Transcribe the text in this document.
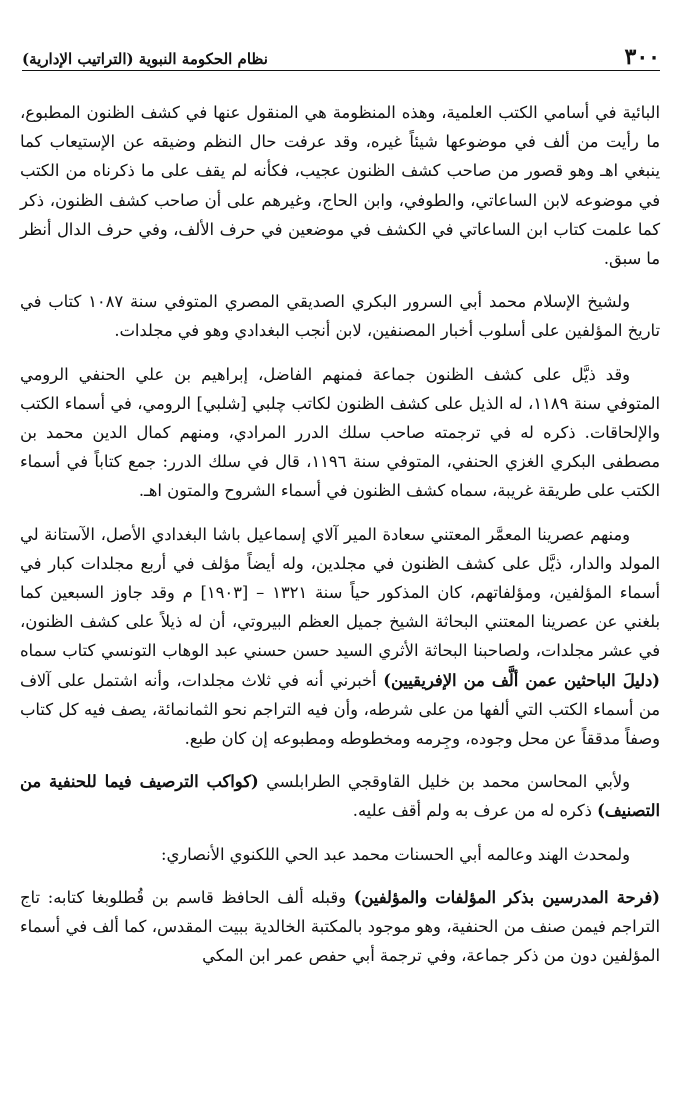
نظام الحكومة النبوية (التراتيب الإدارية)	٣٠٠

البائية في أسامي الكتب العلمية، وهذه المنظومة هي المنقول عنها في كشف الظنون المطبوع، ما رأيت من ألف في موضوعها شيئاً غيره، وقد عرفت حال النظم وضيقه عن الإستيعاب كما ينبغي اهـ وهو قصور من صاحب كشف الظنون عجيب، فكأنه لم يقف على ما ذكرناه من الكتب في موضوعه لابن الساعاتي، والطوفي، وابن الحاج، وغيرهم على أن صاحب كشف الظنون، ذكر كما علمت كتاب ابن الساعاتي في الكشف في موضعين في حرف الألف، وفي حرف الدال أنظر ما سبق.

ولشيخ الإسلام محمد أبي السرور البكري الصديقي المصري المتوفي سنة ١٠٨٧ كتاب في تاريخ المؤلفين على أسلوب أخبار المصنفين، لابن أنجب البغدادي وهو في مجلدات.

وقد ذيَّل على كشف الظنون جماعة فمنهم الفاضل، إبراهيم بن علي الحنفي الرومي المتوفي سنة ١١٨٩، له الذيل على كشف الظنون لكاتب چلبي [شلبي] الرومي، في أسماء الكتب والإلحاقات. ذكره له في ترجمته صاحب سلك الدرر المرادي، ومنهم كمال الدين محمد بن مصطفى البكري الغزي الحنفي، المتوفي سنة ١١٩٦، قال في سلك الدرر: جمع كتاباً في أسماء الكتب على طريقة غريبة، سماه كشف الظنون في أسماء الشروح والمتون اهـ.

ومنهم عصرينا المعمَّر المعتني سعادة المير آلاي إسماعيل باشا البغدادي الأصل، الآستانة لي المولد والدار، ذيَّل على كشف الظنون في مجلدين، وله أيضاً مؤلف في أربع مجلدات كبار في أسماء المؤلفين، ومؤلفاتهم، كان المذكور حياً سنة ١٣٢١ – [١٩٠٣] م وقد جاوز السبعين كما بلغني عن عصرينا المعتني البحاثة الشيخ جميل العظم البيروتي، أن له ذيلاً على كشف الظنون، في عشر مجلدات، ولصاحبنا البحاثة الأثري السيد حسن حسني عبد الوهاب التونسي كتاب سماه (دليلَ الباحثين عمن ألَّف من الإفريقيين) أخبرني أنه في ثلاث مجلدات، وأنه اشتمل على آلاف من أسماء الكتب التي ألفها من على شرطه، وأن فيه التراجم نحو الثمانمائة، يصف فيه كل كتاب وصفاً مدققاً عن محل وجوده، وجِرمه ومخطوطه ومطبوعه إن كان طبع.

ولأبي المحاسن محمد بن خليل القاوقجي الطرابلسي (كواكب الترصيف فيما للحنفية من التصنيف) ذكره له من عرف به ولم أقف عليه.

ولمحدث الهند وعالمه أبي الحسنات محمد عبد الحي اللكنوي الأنصاري:

(فرحة المدرسين بذكر المؤلفات والمؤلفين) وقبله ألف الحافظ قاسم بن قُطلوبغا كتابه: تاج التراجم فيمن صنف من الحنفية، وهو موجود بالمكتبة الخالدية ببيت المقدس، كما ألف في أسماء المؤلفين دون من ذكر جماعة، وفي ترجمة أبي حفص عمر ابن المكي
